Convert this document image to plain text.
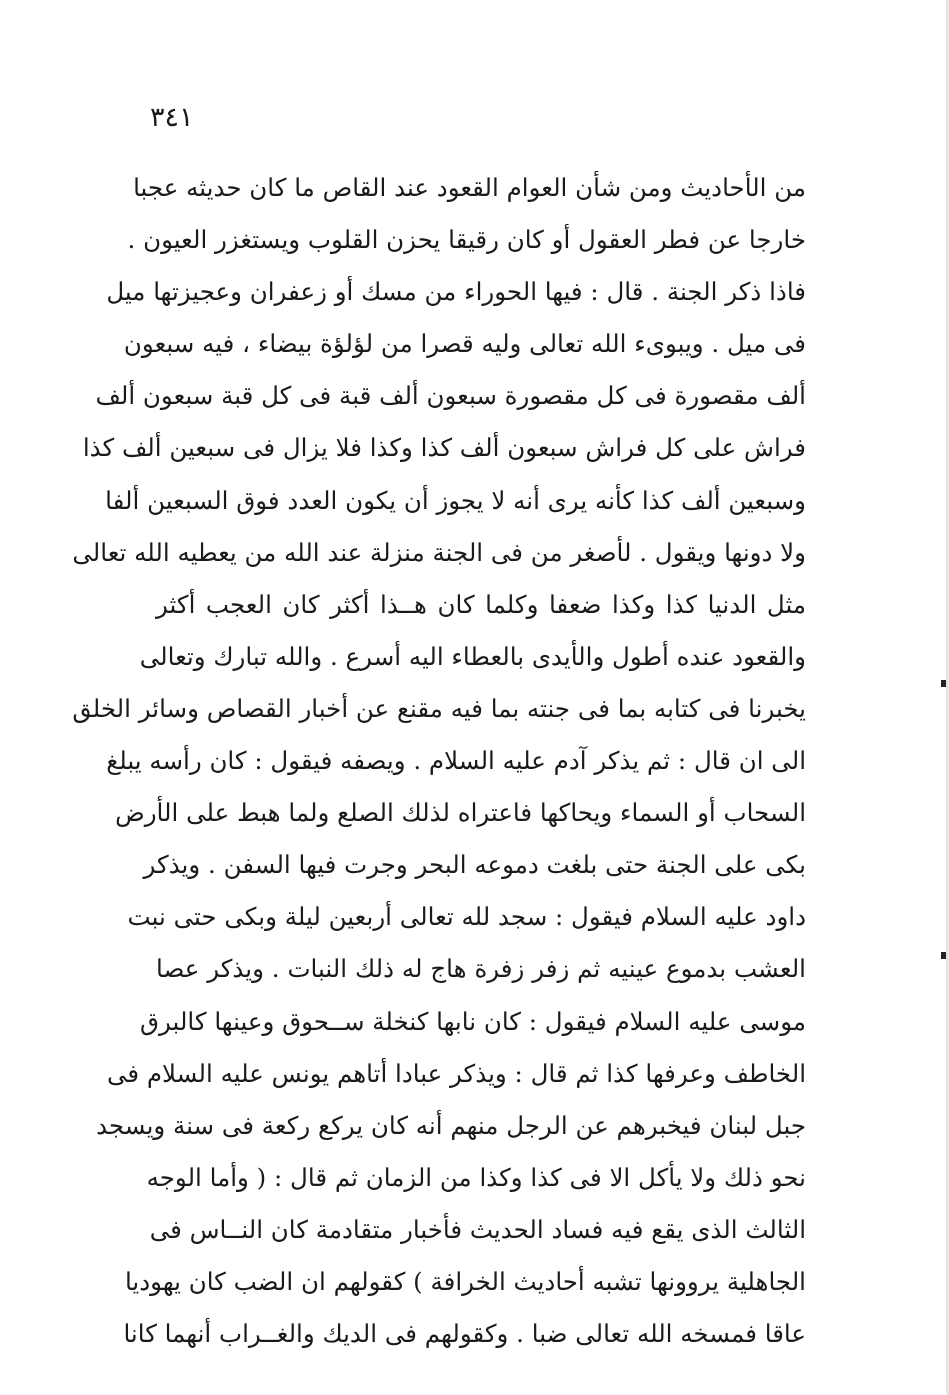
٣٤١
من الأحاديث ومن شأن العوام القعود عند القاص ما كان حديثه عجبا
خارجا عن فطر العقول أو كان رقيقا يحزن القلوب ويستغزر العيون .
فاذا ذكر الجنة . قال : فيها الحوراء من مسك أو زعفران وعجيزتها ميل
فى ميل . ويبوىء الله تعالى وليه قصرا من لؤلؤة بيضاء ، فيه سبعون
ألف مقصورة فى كل مقصورة سبعون ألف قبة فى كل قبة سبعون ألف
فراش على كل فراش سبعون ألف كذا وكذا فلا يزال فى سبعين ألف كذا
وسبعين ألف كذا كأنه يرى أنه لا يجوز أن يكون العدد فوق السبعين ألفا
ولا دونها ويقول . لأصغر من فى الجنة منزلة عند الله من يعطيه الله تعالى
مثل الدنيا كذا وكذا ضعفا وكلما كان هــذا أكثر كان العجب أكثر
والقعود عنده أطول والأيدى بالعطاء اليه أسرع . والله تبارك وتعالى
يخبرنا فى كتابه بما فى جنته بما فيه مقنع عن أخبار القصاص وسائر الخلق
الى ان قال : ثم يذكر آدم عليه السلام . ويصفه فيقول : كان رأسه يبلغ
السحاب أو السماء ويحاكها فاعتراه لذلك الصلع ولما هبط على الأرض
بكى على الجنة حتى بلغت دموعه البحر وجرت فيها السفن . ويذكر
داود عليه السلام فيقول : سجد لله تعالى أربعين ليلة وبكى حتى نبت
العشب بدموع عينيه ثم زفر زفرة هاج له ذلك النبات . ويذكر عصا
موسى عليه السلام فيقول : كان نابها كنخلة ســحوق وعينها كالبرق
الخاطف وعرفها كذا ثم قال : ويذكر عبادا أتاهم يونس عليه السلام فى
جبل لبنان فيخبرهم عن الرجل منهم أنه كان يركع ركعة فى سنة ويسجد
نحو ذلك ولا يأكل الا فى كذا وكذا من الزمان ثم قال : ( وأما الوجه
الثالث الذى يقع فيه فساد الحديث فأخبار متقادمة كان النــاس فى
الجاهلية يروونها تشبه أحاديث الخرافة ) كقولهم ان الضب كان يهوديا
عاقا فمسخه الله تعالى ضبا . وكقولهم فى الديك والغــراب أنهما كانا
